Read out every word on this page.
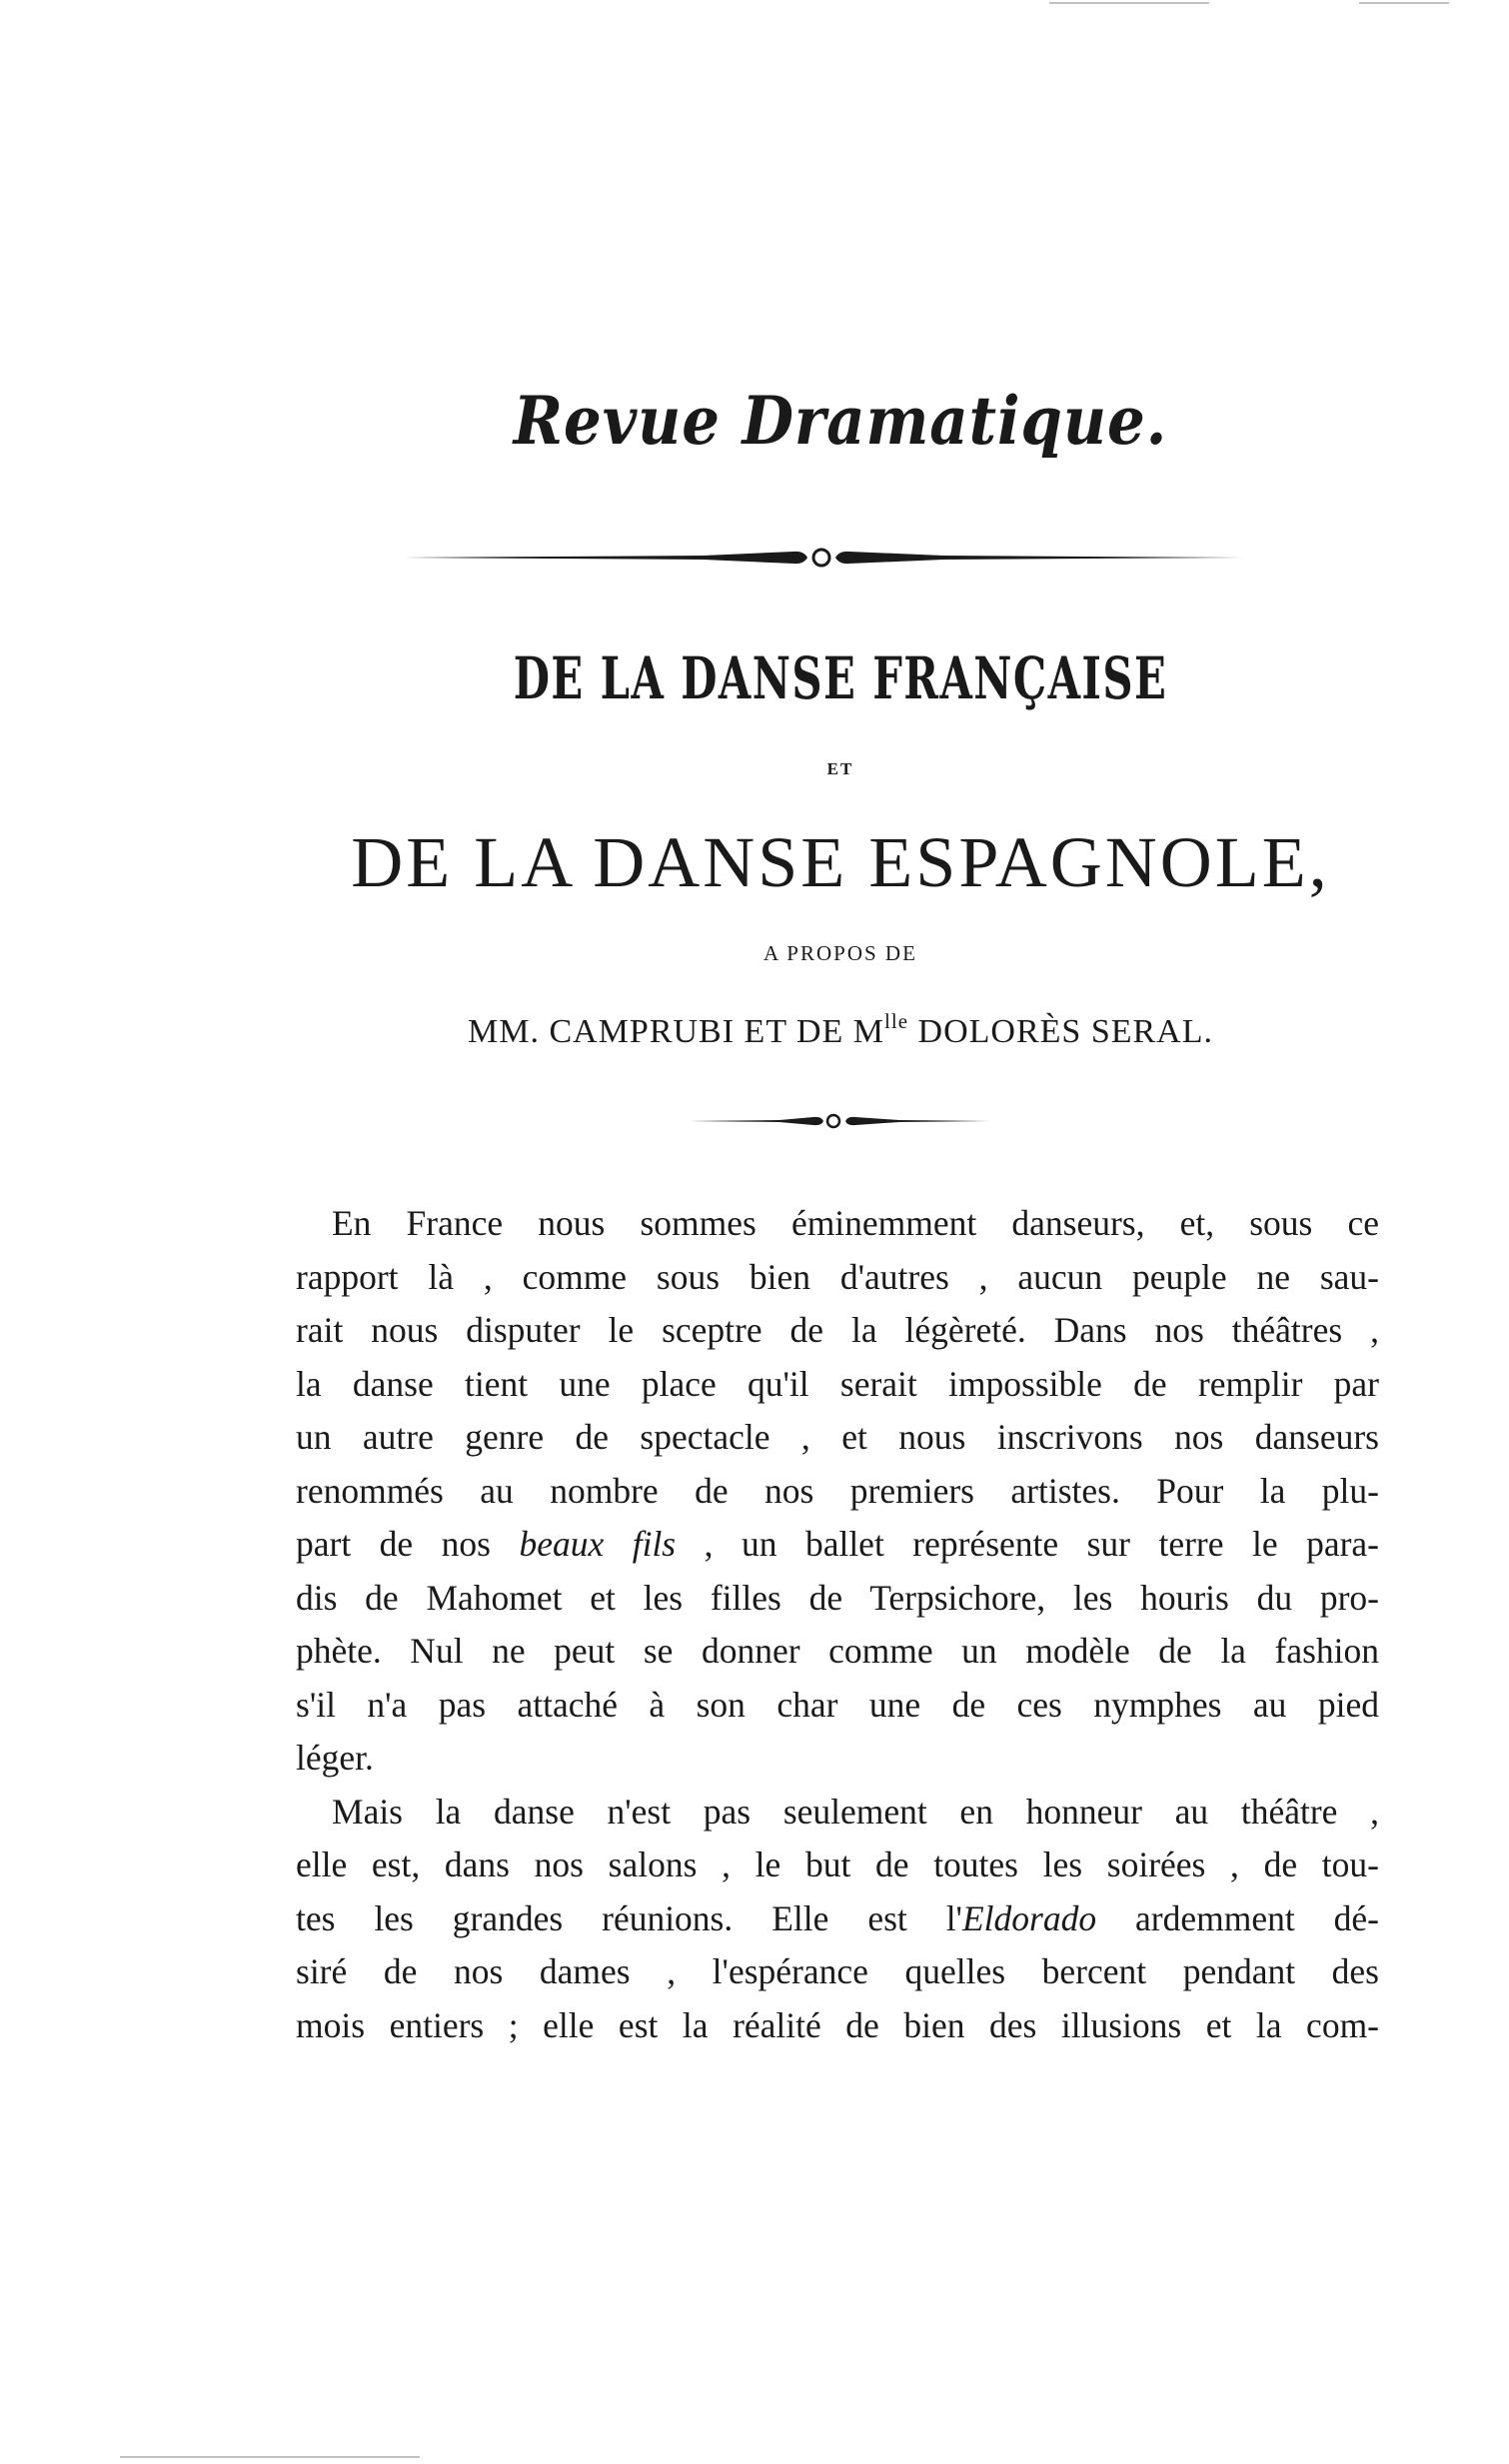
Revue Dramatique.
DE LA DANSE FRANÇAISE
ET
DE LA DANSE ESPAGNOLE,
A PROPOS DE
MM. CAMPRUBI ET DE $M^{lle}$ DOLORÈS SERAL.
En France nous sommes éminemment danseurs, et, sous ce
rapport là , comme sous bien d'autres , aucun peuple ne sau-
rait nous disputer le sceptre de la légèreté. Dans nos théâtres ,
la danse tient une place qu'il serait impossible de remplir par
un autre genre de spectacle , et nous inscrivons nos danseurs
renommés au nombre de nos premiers artistes. Pour la plu-
part de nos beaux fils , un ballet représente sur terre le para-
dis de Mahomet et les filles de Terpsichore, les houris du pro-
phète. Nul ne peut se donner comme un modèle de la fashion
s'il n'a pas attaché à son char une de ces nymphes au pied
léger.
Mais la danse n'est pas seulement en honneur au théâtre ,
elle est, dans nos salons , le but de toutes les soirées , de tou-
tes les grandes réunions. Elle est l'Eldorado ardemment dé-
siré de nos dames , l'espérance quelles bercent pendant des
mois entiers ; elle est la réalité de bien des illusions et la com-
